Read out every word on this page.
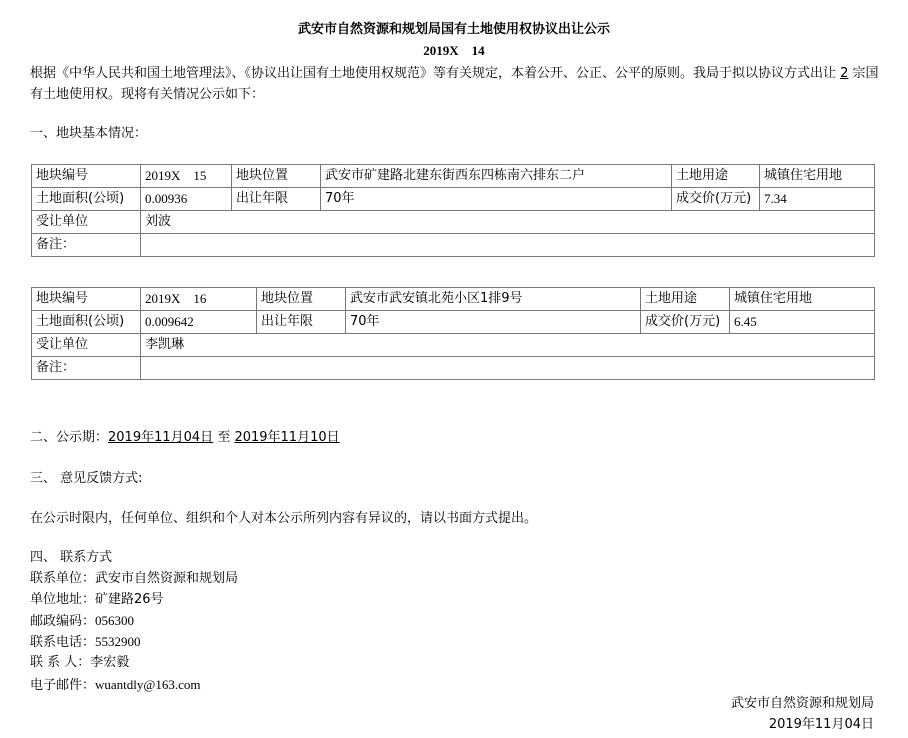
武安市自然资源和规划局国有土地使用权协议出让公示
2019X　14
根据《中华人民共和国土地管理法》、《协议出让国有土地使用权规范》等有关规定，本着公开、公正、公平的原则。我局于拟以协议方式出让 2 宗国有土地使用权。现将有关情况公示如下：
一、地块基本情况：
地块编号	2019X　15	地块位置	武安市矿建路北建东街西东四栋南六排东二户	土地用途	城镇住宅用地
土地面积(公顷)	0.00936	出让年限	70年	成交价(万元)	7.34
受让单位	刘波				
备注：					
地块编号	2019X　16	地块位置	武安市武安镇北苑小区1排9号	土地用途	城镇住宅用地
土地面积(公顷)	0.009642	出让年限	70年	成交价(万元)	6.45
受让单位	李凯琳				
备注：					
二、公示期：2019年11月04日 至 2019年11月10日
三、 意见反馈方式:
在公示时限内，任何单位、组织和个人对本公示所列内容有异议的，请以书面方式提出。
四、 联系方式
联系单位：武安市自然资源和规划局
单位地址：矿建路26号
邮政编码：056300
联系电话：5532900
联 系 人：李宏毅
电子邮件：wuantdly@163.com
武安市自然资源和规划局
2019年11月04日
